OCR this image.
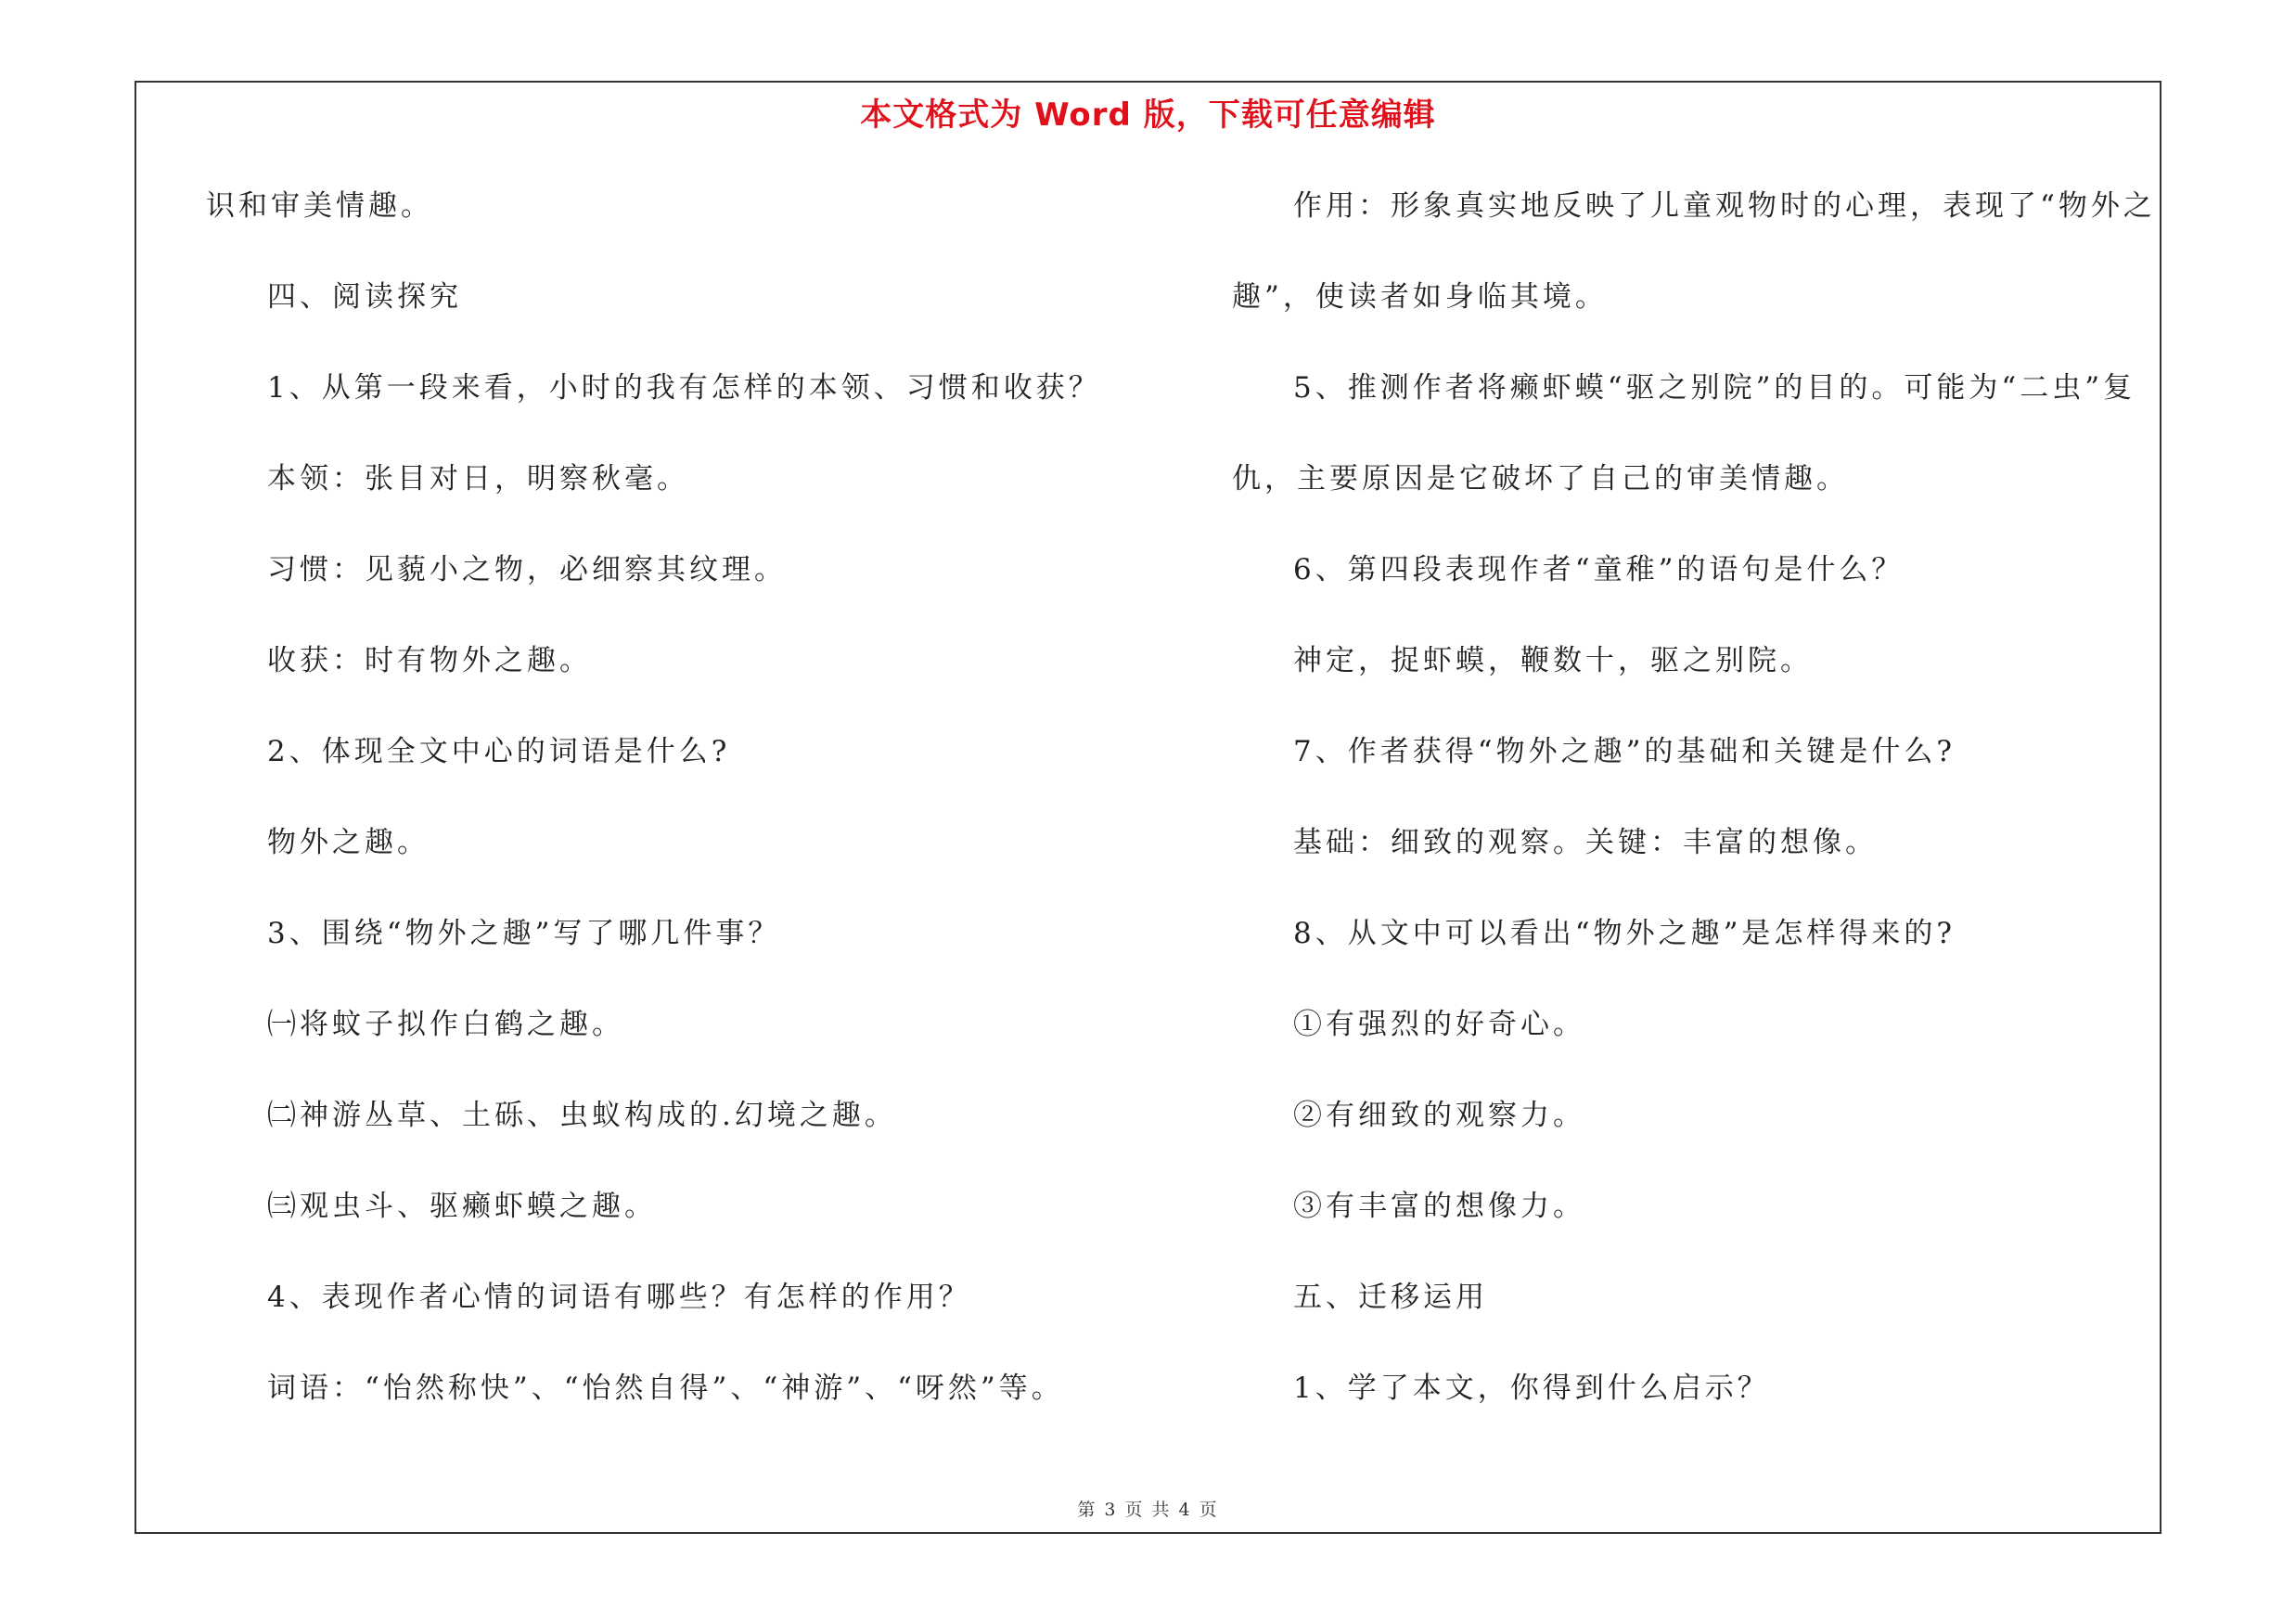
本文格式为 Word 版，下载可任意编辑
识和审美情趣。
四、阅读探究
1、从第一段来看，小时的我有怎样的本领、习惯和收获？
本领：张目对日，明察秋毫。
习惯：见藐小之物，必细察其纹理。
收获：时有物外之趣。
2、体现全文中心的词语是什么?
物外之趣。
3、围绕“物外之趣”写了哪几件事？
㈠将蚊子拟作白鹤之趣。
㈡神游丛草、土砾、虫蚁构成的.幻境之趣。
㈢观虫斗、驱癞虾蟆之趣。
4、表现作者心情的词语有哪些？有怎样的作用？
词语：“怡然称快”、“怡然自得”、“神游”、“呀然”等。
作用：形象真实地反映了儿童观物时的心理，表现了“物外之
趣”，使读者如身临其境。
5、推测作者将癞虾蟆“驱之别院”的目的。可能为“二虫”复
仇，主要原因是它破坏了自己的审美情趣。
6、第四段表现作者“童稚”的语句是什么？
神定，捉虾蟆，鞭数十，驱之别院。
7、作者获得“物外之趣”的基础和关键是什么?
基础：细致的观察。关键：丰富的想像。
8、从文中可以看出“物外之趣”是怎样得来的?
①有强烈的好奇心。
②有细致的观察力。
③有丰富的想像力。
五、迁移运用
1、学了本文，你得到什么启示？
第 3 页 共 4 页
